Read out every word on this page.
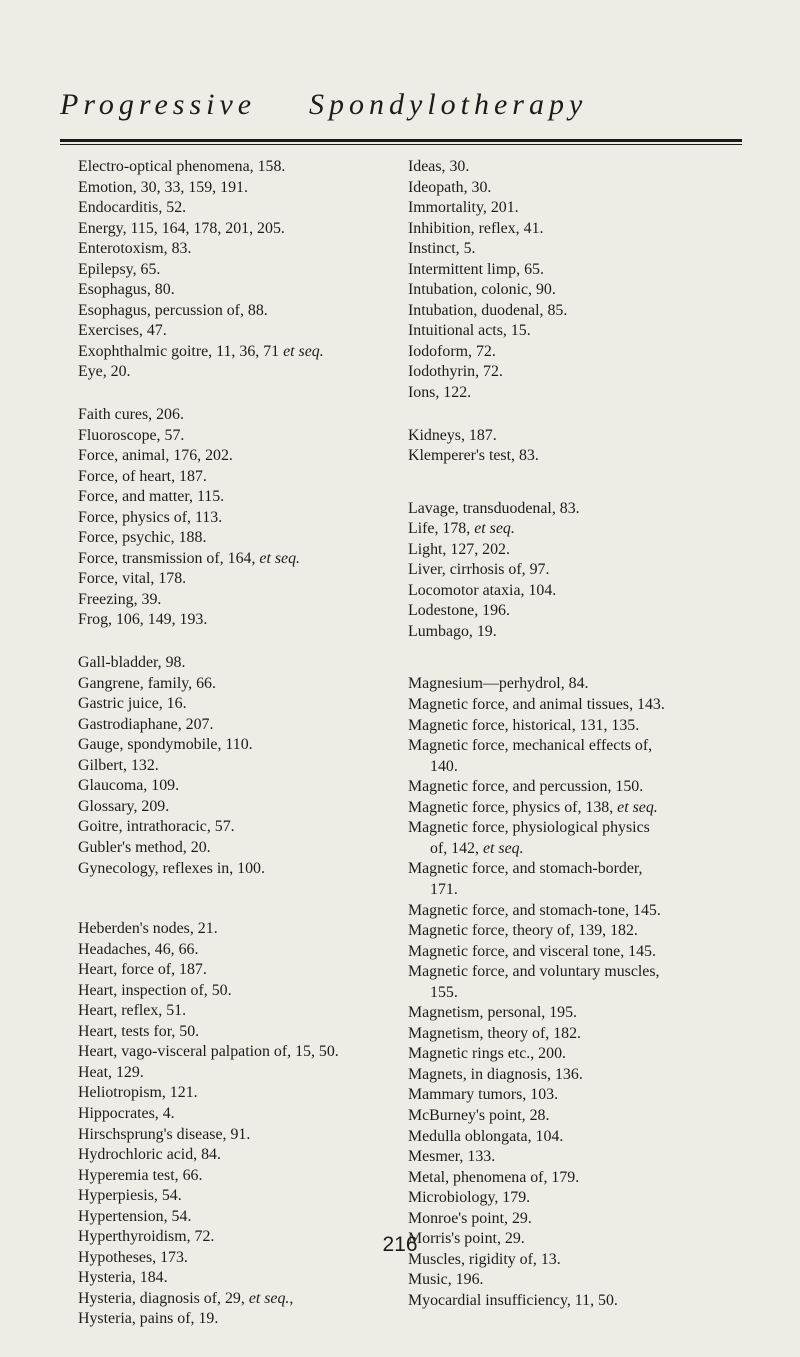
Progressive Spondylotherapy
Electro-optical phenomena, 158.
Emotion, 30, 33, 159, 191.
Endocarditis, 52.
Energy, 115, 164, 178, 201, 205.
Enterotoxism, 83.
Epilepsy, 65.
Esophagus, 80.
Esophagus, percussion of, 88.
Exercises, 47.
Exophthalmic goitre, 11, 36, 71 et seq.
Eye, 20.
Faith cures, 206.
Fluoroscope, 57.
Force, animal, 176, 202.
Force, of heart, 187.
Force, and matter, 115.
Force, physics of, 113.
Force, psychic, 188.
Force, transmission of, 164, et seq.
Force, vital, 178.
Freezing, 39.
Frog, 106, 149, 193.
Gall-bladder, 98.
Gangrene, family, 66.
Gastric juice, 16.
Gastrodiaphane, 207.
Gauge, spondymobile, 110.
Gilbert, 132.
Glaucoma, 109.
Glossary, 209.
Goitre, intrathoracic, 57.
Gubler's method, 20.
Gynecology, reflexes in, 100.
Heberden's nodes, 21.
Headaches, 46, 66.
Heart, force of, 187.
Heart, inspection of, 50.
Heart, reflex, 51.
Heart, tests for, 50.
Heart, vago-visceral palpation of, 15, 50.
Heat, 129.
Heliotropism, 121.
Hippocrates, 4.
Hirschsprung's disease, 91.
Hydrochloric acid, 84.
Hyperemia test, 66.
Hyperpiesis, 54.
Hypertension, 54.
Hyperthyroidism, 72.
Hypotheses, 173.
Hysteria, 184.
Hysteria, diagnosis of, 29, et seq.,
Hysteria, pains of, 19.
Ideas, 30.
Ideopath, 30.
Immortality, 201.
Inhibition, reflex, 41.
Instinct, 5.
Intermittent limp, 65.
Intubation, colonic, 90.
Intubation, duodenal, 85.
Intuitional acts, 15.
Iodoform, 72.
Iodothyrin, 72.
Ions, 122.
Kidneys, 187.
Klemperer's test, 83.
Lavage, transduodenal, 83.
Life, 178, et seq.
Light, 127, 202.
Liver, cirrhosis of, 97.
Locomotor ataxia, 104.
Lodestone, 196.
Lumbago, 19.
Magnesium—perhydrol, 84.
Magnetic force, and animal tissues, 143.
Magnetic force, historical, 131, 135.
Magnetic force, mechanical effects of,
140.
Magnetic force, and percussion, 150.
Magnetic force, physics of, 138, et seq.
Magnetic force, physiological physics
of, 142, et seq.
Magnetic force, and stomach-border,
171.
Magnetic force, and stomach-tone, 145.
Magnetic force, theory of, 139, 182.
Magnetic force, and visceral tone, 145.
Magnetic force, and voluntary muscles,
155.
Magnetism, personal, 195.
Magnetism, theory of, 182.
Magnetic rings etc., 200.
Magnets, in diagnosis, 136.
Mammary tumors, 103.
McBurney's point, 28.
Medulla oblongata, 104.
Mesmer, 133.
Metal, phenomena of, 179.
Microbiology, 179.
Monroe's point, 29.
Morris's point, 29.
Muscles, rigidity of, 13.
Music, 196.
Myocardial insufficiency, 11, 50.
216
